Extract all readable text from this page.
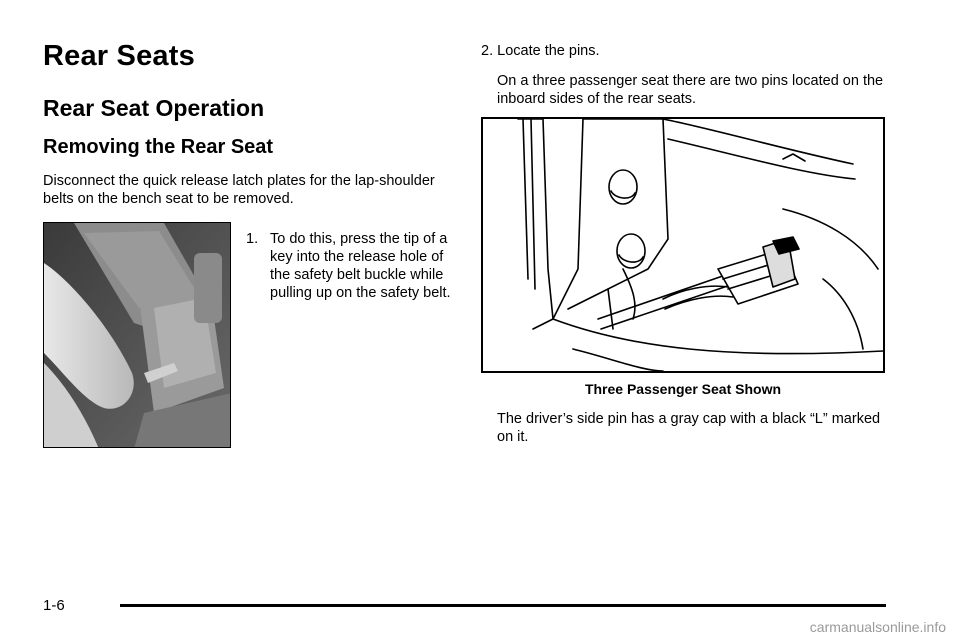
Rear Seats
Rear Seat Operation
Removing the Rear Seat

Disconnect the quick release latch plates for the lap-shoulder belts on the bench seat to be removed.

1. To do this, press the tip of a key into the release hole of the safety belt buckle while pulling up on the safety belt.

2. Locate the pins.

On a three passenger seat there are two pins located on the inboard sides of the rear seats.

Three Passenger Seat Shown

The driver’s side pin has a gray cap with a black “L” marked on it.

1-6

carmanualsonline.info
